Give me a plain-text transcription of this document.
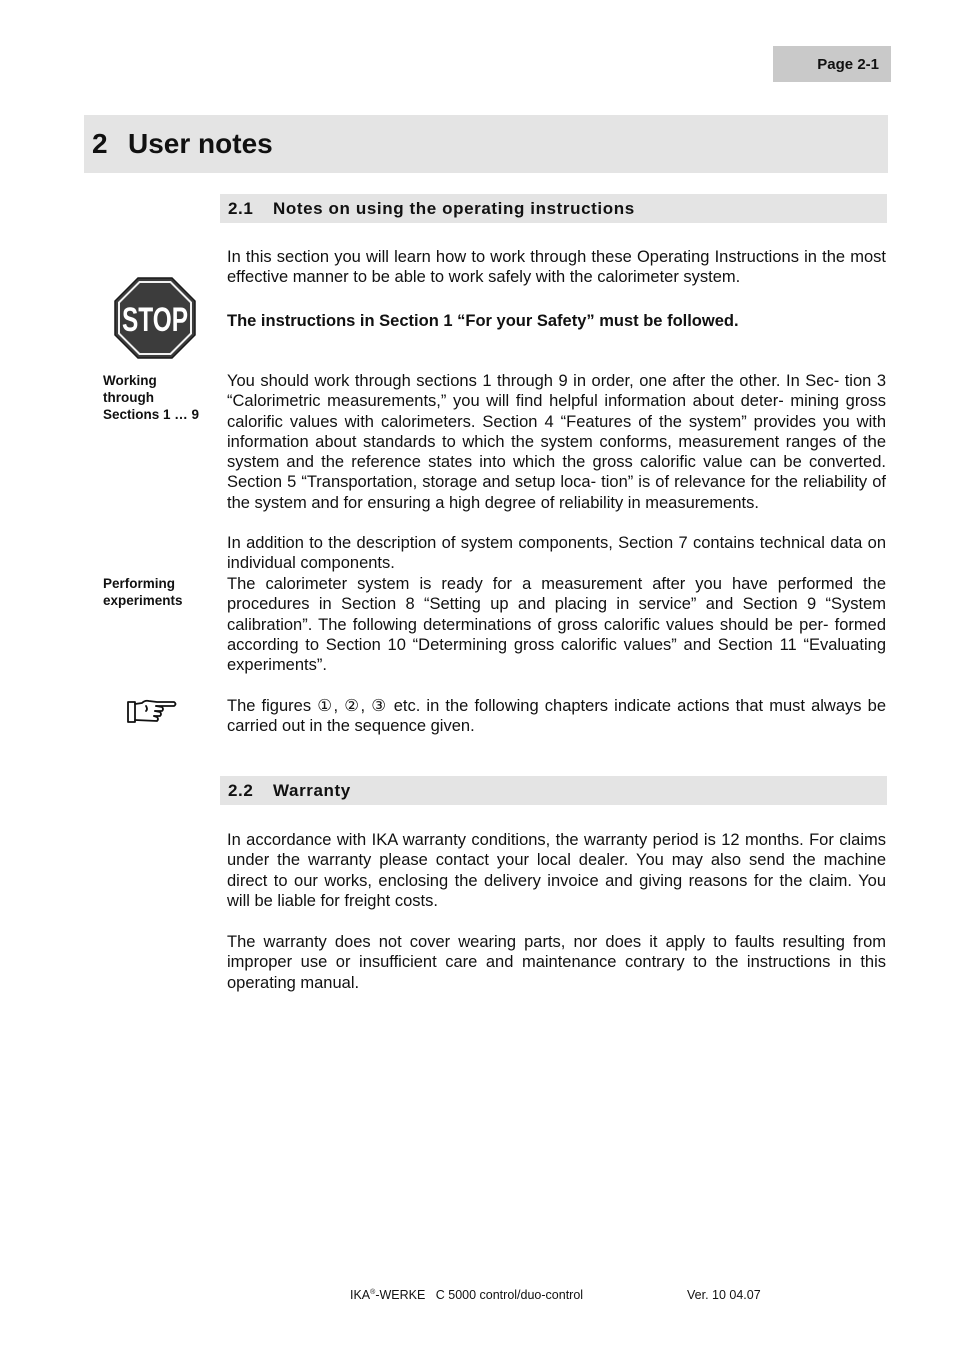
Page 2-1
2 User notes
2.1	Notes on using the operating instructions

In this section you will learn how to work through these Operating Instructions in the most effective manner to be able to work safely with the calorimeter system.

STOP The instructions in Section 1 “For your Safety” must be followed.

Working through Sections 1 … 9

You should work through sections 1 through 9 in order, one after the other. In Sec- tion 3 “Calorimetric measurements,” you will find helpful information about deter- mining gross calorific values with calorimeters. Section 4 “Features of the system” provides you with information about standards to which the system conforms, measurement ranges of the system and the reference states into which the gross calorific value can be converted. Section 5 “Transportation, storage and setup loca- tion” is of relevance for the reliability of the system and for ensuring a high degree of reliability in measurements.

In addition to the description of system components, Section 7 contains technical data on individual components.

Performing experiments

The calorimeter system is ready for a measurement after you have performed the procedures in Section 8 “Setting up and placing in service” and Section 9 “System calibration”. The following determinations of gross calorific values should be per- formed according to Section 10 “Determining gross calorific values” and Section 11 “Evaluating experiments”.

The figures ①, ②, ③ etc. in the following chapters indicate actions that must always be carried out in the sequence given.

2.2	Warranty

In accordance with IKA warranty conditions, the warranty period is 12 months. For claims under the warranty please contact your local dealer. You may also send the machine direct to our works, enclosing the delivery invoice and giving reasons for the claim. You will be liable for freight costs.

The warranty does not cover wearing parts, nor does it apply to faults resulting from improper use or insufficient care and maintenance contrary to the instructions in this operating manual.

IKA®-WERKE C 5000 control/duo-control	Ver. 10 04.07
